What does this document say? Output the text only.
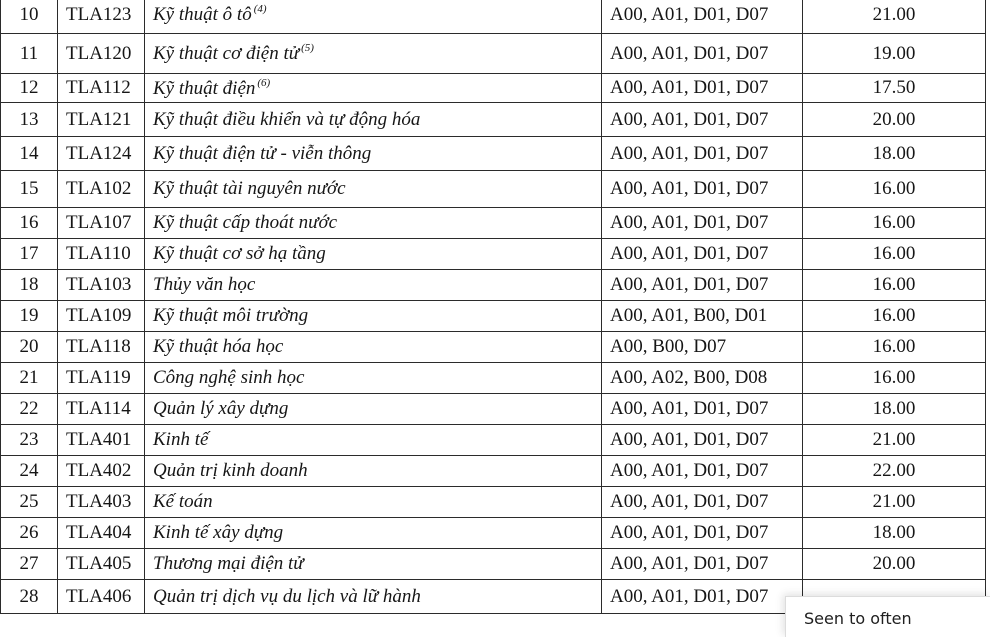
10	TLA123	Kỹ thuật ô tô $^{(4)}$	A00, A01, D01, D07	21.00
11	TLA120	Kỹ thuật cơ điện tử $^{(5)}$	A00, A01, D01, D07	19.00
12	TLA112	Kỹ thuật điện $^{(6)}$	A00, A01, D01, D07	17.50
13	TLA121	Kỹ thuật điều khiển và tự động hóa	A00, A01, D01, D07	20.00
14	TLA124	Kỹ thuật điện tử - viễn thông	A00, A01, D01, D07	18.00
15	TLA102	Kỹ thuật tài nguyên nước	A00, A01, D01, D07	16.00
16	TLA107	Kỹ thuật cấp thoát nước	A00, A01, D01, D07	16.00
17	TLA110	Kỹ thuật cơ sở hạ tầng	A00, A01, D01, D07	16.00
18	TLA103	Thủy văn học	A00, A01, D01, D07	16.00
19	TLA109	Kỹ thuật môi trường	A00, A01, B00, D01	16.00
20	TLA118	Kỹ thuật hóa học	A00, B00, D07	16.00
21	TLA119	Công nghệ sinh học	A00, A02, B00, D08	16.00
22	TLA114	Quản lý xây dựng	A00, A01, D01, D07	18.00
23	TLA401	Kinh tế	A00, A01, D01, D07	21.00
24	TLA402	Quản trị kinh doanh	A00, A01, D01, D07	22.00
25	TLA403	Kế toán	A00, A01, D01, D07	21.00
26	TLA404	Kinh tế xây dựng	A00, A01, D01, D07	18.00
27	TLA405	Thương mại điện tử	A00, A01, D01, D07	20.00
28	TLA406	Quản trị dịch vụ du lịch và lữ hành	A00, A01, D01, D07	
Seen to often
